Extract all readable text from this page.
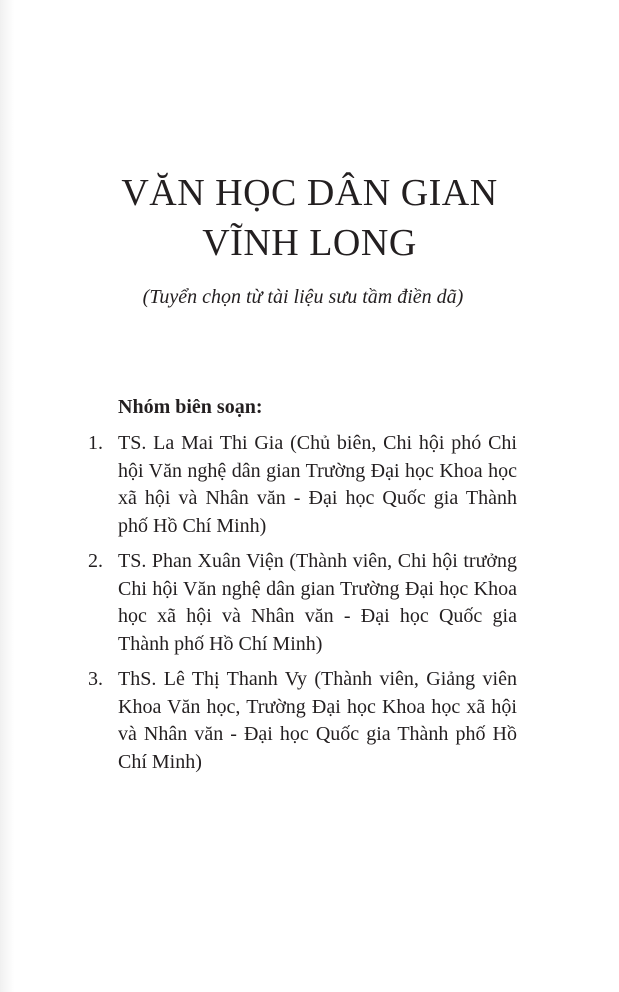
VĂN HỌC DÂN GIAN
VĨNH LONG

(Tuyển chọn từ tài liệu sưu tầm điền dã)

Nhóm biên soạn:

1. TS. La Mai Thi Gia (Chủ biên, Chi hội phó Chi hội Văn nghệ dân gian Trường Đại học Khoa học xã hội và Nhân văn - Đại học Quốc gia Thành phố Hồ Chí Minh)
2. TS. Phan Xuân Viện (Thành viên, Chi hội trưởng Chi hội Văn nghệ dân gian Trường Đại học Khoa học xã hội và Nhân văn - Đại học Quốc gia Thành phố Hồ Chí Minh)
3. ThS. Lê Thị Thanh Vy (Thành viên, Giảng viên Khoa Văn học, Trường Đại học Khoa học xã hội và Nhân văn - Đại học Quốc gia Thành phố Hồ Chí Minh)
